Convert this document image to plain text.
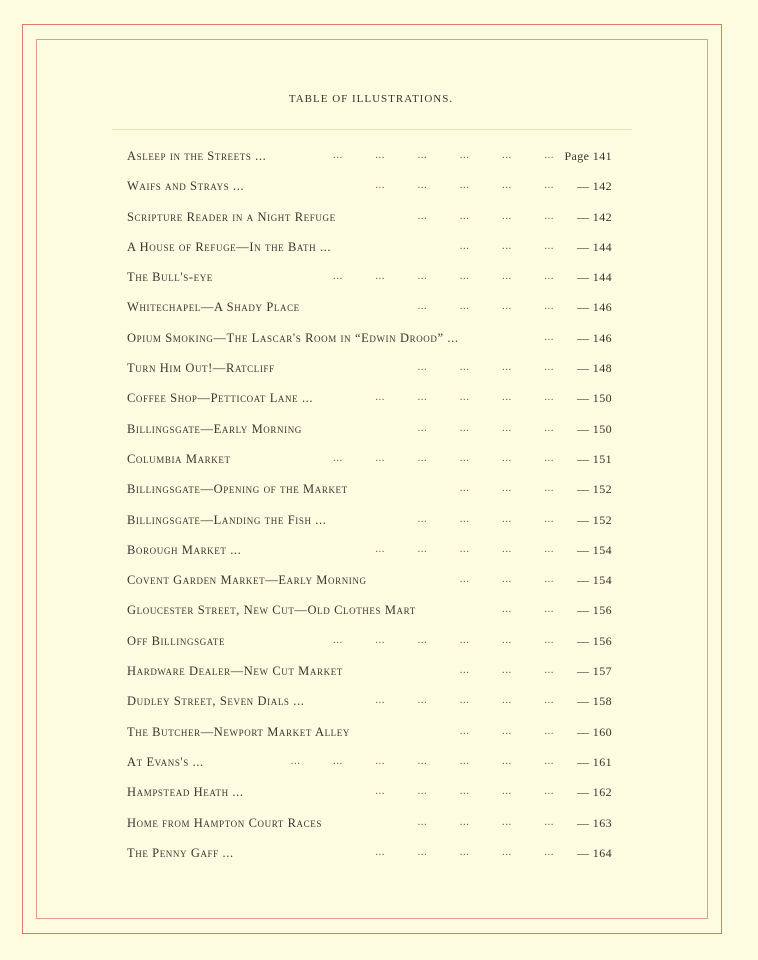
TABLE OF ILLUSTRATIONS.
Asleep in the Streets ...	...          ...          ...          ...          ...          ... Page 141
Waifs and Strays ...	...          ...          ...          ...          ... — 142
Scripture Reader in a Night Refuge	...          ...          ...          ... — 142
A House of Refuge—In the Bath ...	...          ...          ... — 144
The Bull's-eye	...          ...          ...          ...          ...          ... — 144
Whitechapel—A Shady Place	...          ...          ...          ... — 146
Opium Smoking—The Lascar's Room in “Edwin Drood” ...	... — 146
Turn Him Out!—Ratcliff	...          ...          ...          ... — 148
Coffee Shop—Petticoat Lane ...	...          ...          ...          ...          ... — 150
Billingsgate—Early Morning	...          ...          ...          ... — 150
Columbia Market	...          ...          ...          ...          ...          ... — 151
Billingsgate—Opening of the Market	...          ...          ... — 152
Billingsgate—Landing the Fish ...	...          ...          ...          ... — 152
Borough Market ...	...          ...          ...          ...          ... — 154
Covent Garden Market—Early Morning	...          ...          ... — 154
Gloucester Street, New Cut—Old Clothes Mart	...          ... — 156
Off Billingsgate	...          ...          ...          ...          ...          ... — 156
Hardware Dealer—New Cut Market	...          ...          ... — 157
Dudley Street, Seven Dials ...	...          ...          ...          ...          ... — 158
The Butcher—Newport Market Alley	...          ...          ... — 160
At Evans's ...	...          ...          ...          ...          ...          ...          ... — 161
Hampstead Heath ...	...          ...          ...          ...          ... — 162
Home from Hampton Court Races	...          ...          ...          ... — 163
The Penny Gaff ...	...          ...          ...          ...          ... — 164
